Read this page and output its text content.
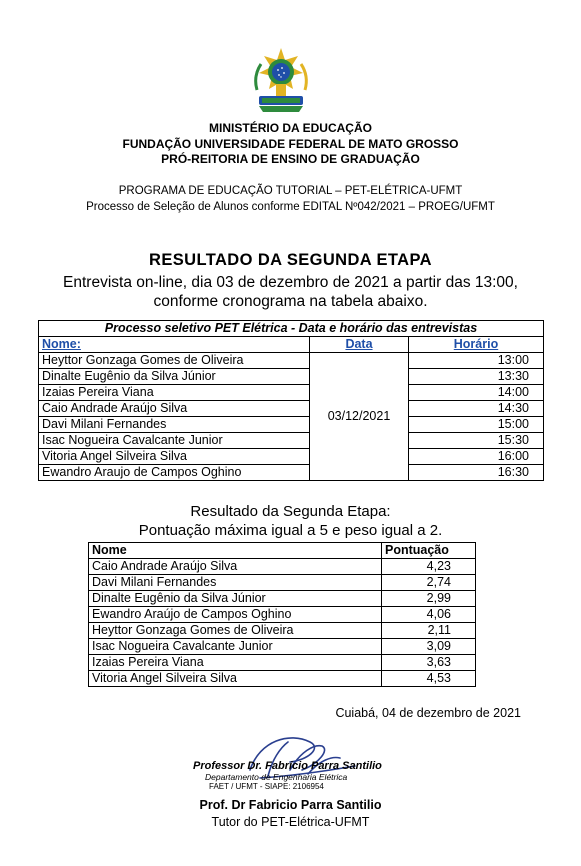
MINISTÉRIO DA EDUCAÇÃO
FUNDAÇÃO UNIVERSIDADE FEDERAL DE MATO GROSSO
PRÓ-REITORIA DE ENSINO DE GRADUAÇÃO
PROGRAMA DE EDUCAÇÃO TUTORIAL – PET-ELÉTRICA-UFMT
Processo de Seleção de Alunos conforme EDITAL Nº042/2021 – PROEG/UFMT
RESULTADO DA SEGUNDA ETAPA
Entrevista on-line, dia 03 de dezembro de 2021 a partir das 13:00,
conforme cronograma na tabela abaixo.
Processo seletivo PET Elétrica - Data e horário das entrevistas		
Nome:	Data	Horário
Heyttor Gonzaga Gomes de Oliveira	03/12/2021	13:00
Dinalte Eugênio da Silva Júnior		13:30
Izaias Pereira Viana		14:00
Caio Andrade Araújo Silva		14:30
Davi Milani Fernandes		15:00
Isac Nogueira Cavalcante Junior		15:30
Vitoria Angel Silveira Silva		16:00
Ewandro Araujo de Campos Oghino		16:30
Resultado da Segunda Etapa:
Pontuação máxima igual a 5 e peso igual a 2.
Nome	Pontuação
Caio Andrade Araújo Silva	4,23
Davi Milani Fernandes	2,74
Dinalte Eugênio da Silva Júnior	2,99
Ewandro Araújo de Campos Oghino	4,06
Heyttor Gonzaga Gomes de Oliveira	2,11
Isac Nogueira Cavalcante Junior	3,09
Izaias Pereira Viana	3,63
Vitoria Angel Silveira Silva	4,53
Cuiabá, 04 de dezembro de 2021
Professor Dr. Fabrício Parra Santilio
Departamento de Engenharia Elétrica
FAET / UFMT - SIAPE: 2106954
Prof. Dr Fabricio Parra Santilio
Tutor do PET-Elétrica-UFMT
